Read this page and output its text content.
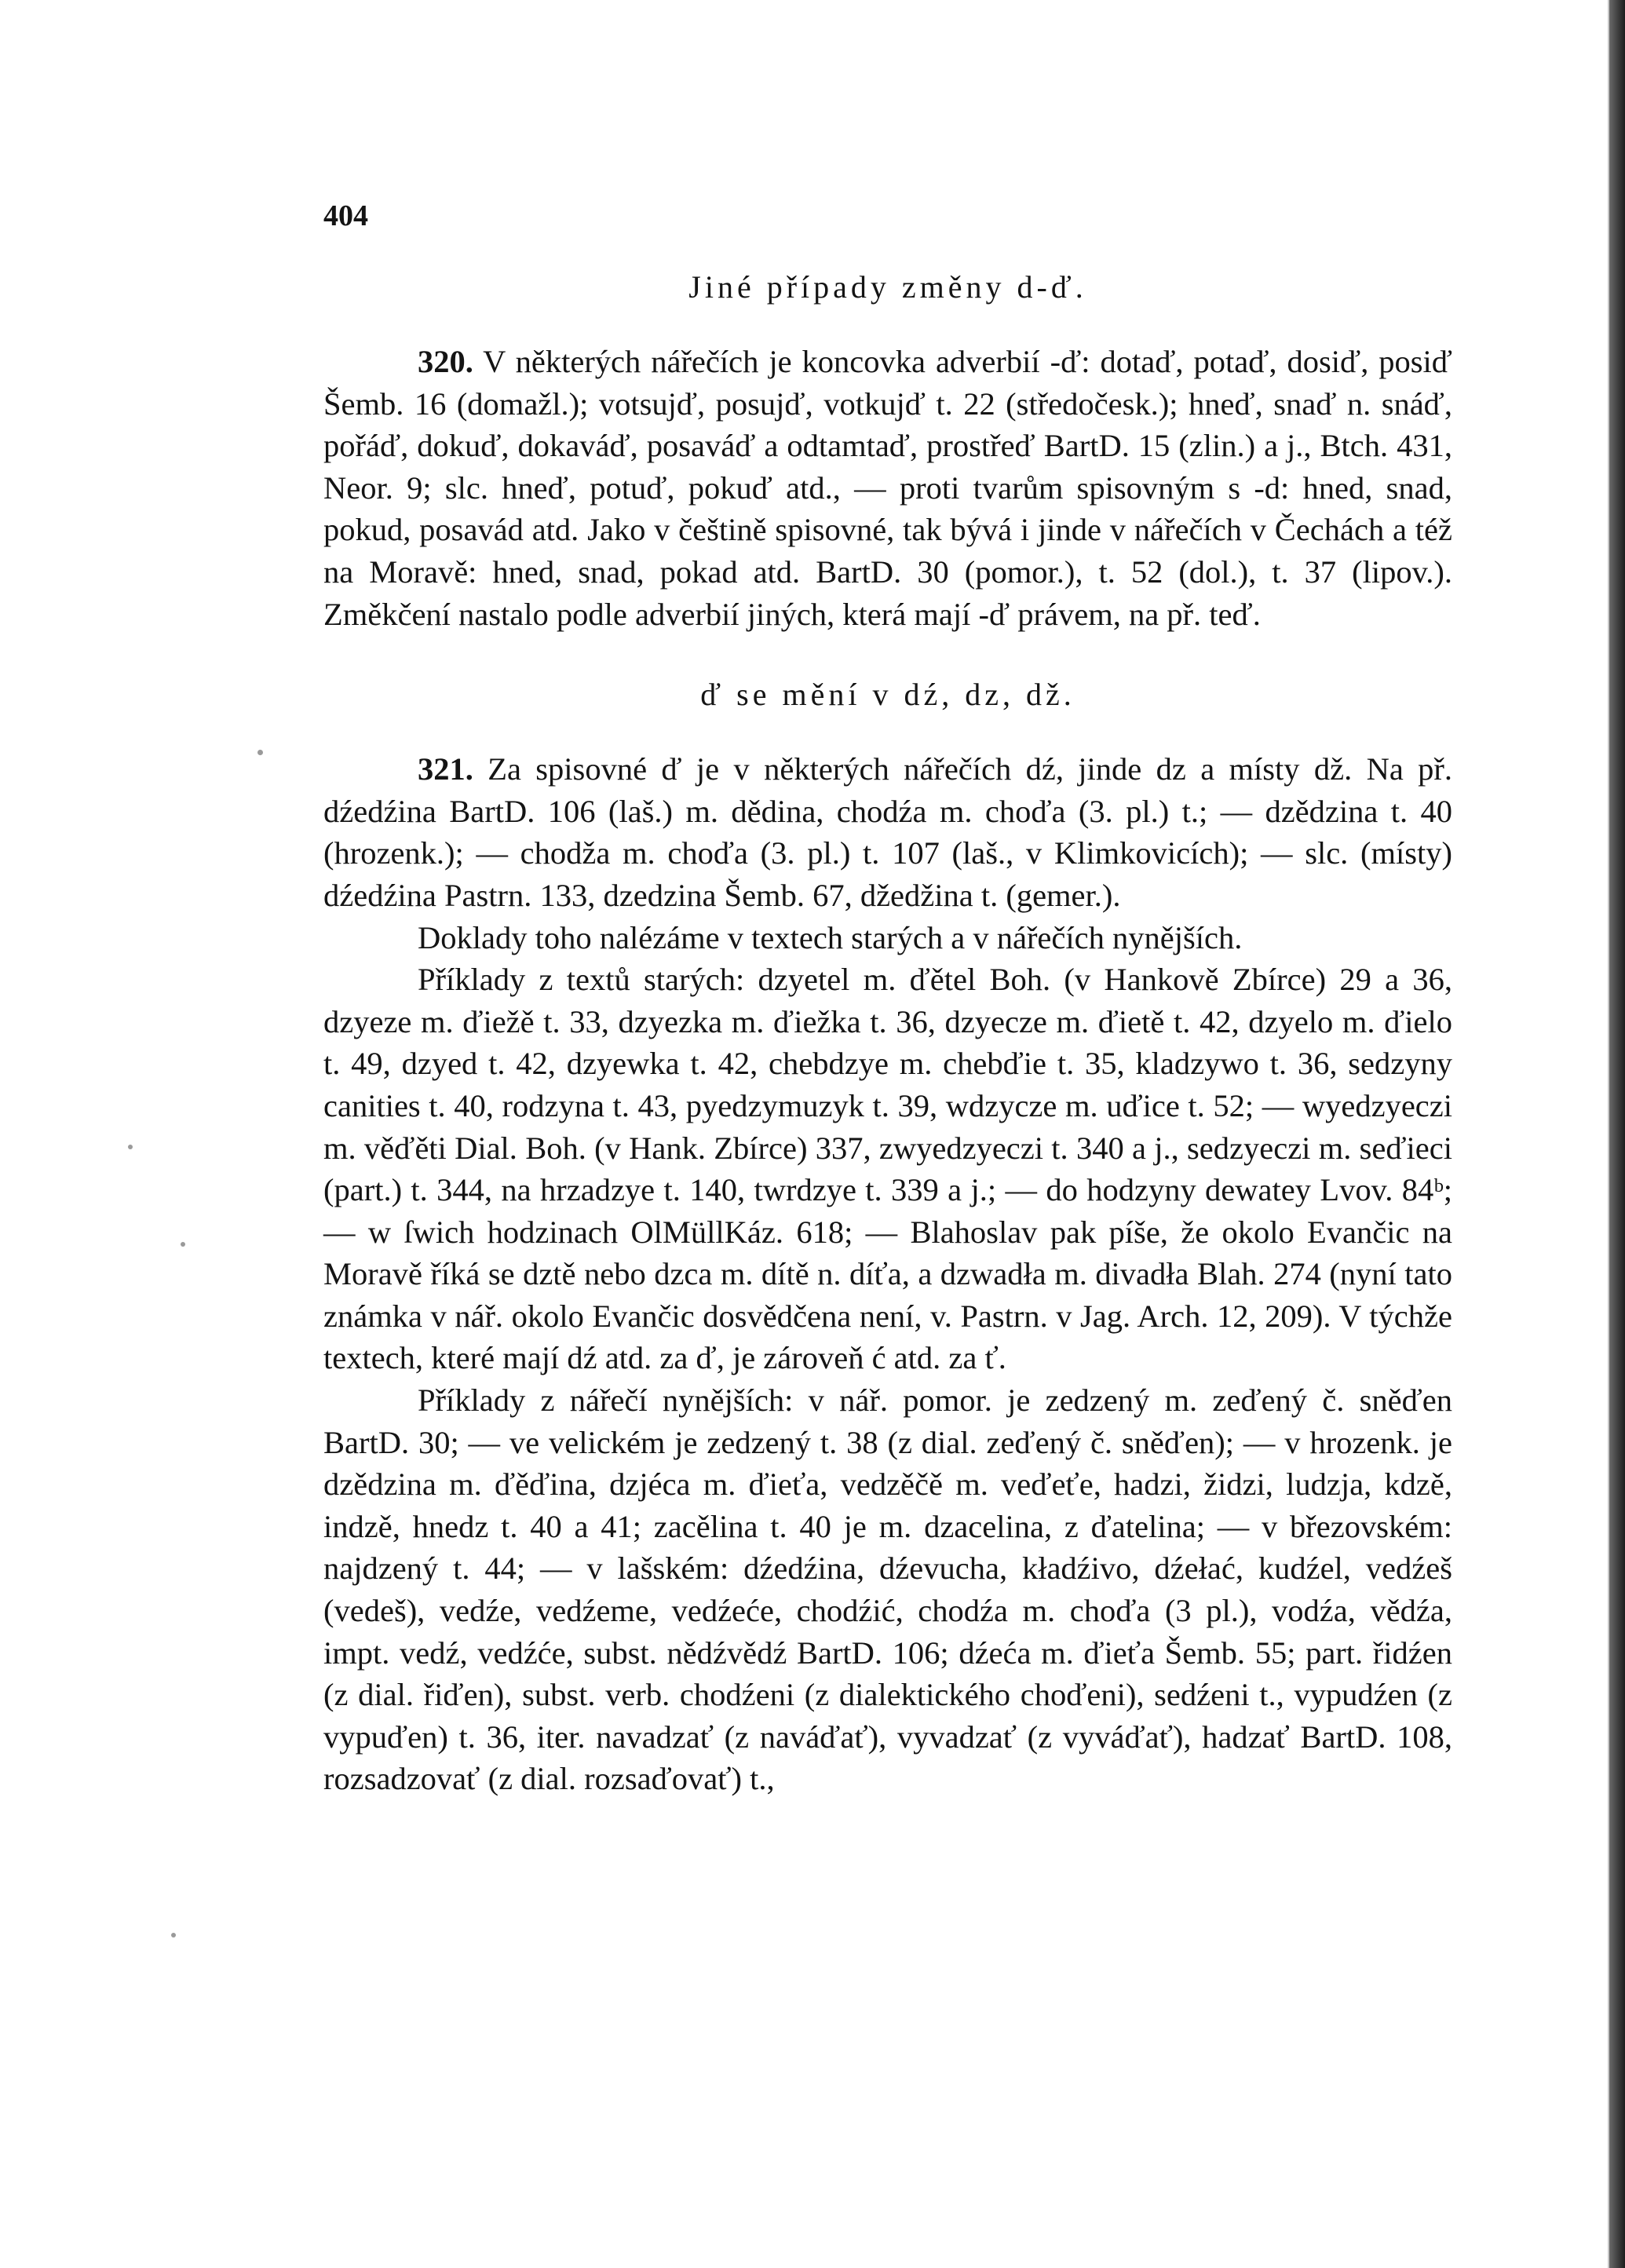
404
Jiné případy změny d-ď.

320. V některých nářečích je koncovka adverbií -ď: dotaď, potaď, dosiď, posiď Šemb. 16 (domažl.); votsujď, posujď, votkujď t. 22 (středočesk.); hneď, snaď n. snáď, pořáď, dokuď, dokaváď, posaváď a odtamtaď, prostřeď BartD. 15 (zlin.) a j., Btch. 431, Neor. 9; slc. hneď, potuď, pokuď atd., — proti tvarům spisovným s -d: hned, snad, pokud, posavád atd. Jako v češtině spisovné, tak bývá i jinde v nářečích v Čechách a též na Moravě: hned, snad, pokad atd. BartD. 30 (pomor.), t. 52 (dol.), t. 37 (lipov.). Změkčení nastalo podle adverbií jiných, která mají -ď právem, na př. teď.

ď se mění v dź, dz, dž.

321. Za spisovné ď je v některých nářečích dź, jinde dz a místy dž. Na př. dźedźina BartD. 106 (laš.) m. dědina, chodźa m. choďa (3. pl.) t.; — dzědzina t. 40 (hrozenk.); — chodža m. choďa (3. pl.) t. 107 (laš., v Klimkovicích); — slc. (místy) dźedźina Pastrn. 133, dzedzina Šemb. 67, džedžina t. (gemer.).

Doklady toho nalézáme v textech starých a v nářečích nynějších.

Příklady z textů starých: dzyetel m. ďětel Boh. (v Hankově Zbírce) 29 a 36, dzyeze m. ďiežě t. 33, dzyezka m. ďiežka t. 36, dzyecze m. ďietě t. 42, dzyelo m. ďielo t. 49, dzyed t. 42, dzyewka t. 42, chebdzye m. chebďie t. 35, kladzywo t. 36, sedzyny canities t. 40, rodzyna t. 43, pyedzymuzyk t. 39, wdzycze m. uďice t. 52; — wyedzyeczi m. věďěti Dial. Boh. (v Hank. Zbírce) 337, zwyedzyeczi t. 340 a j., sedzyeczi m. seďieci (part.) t. 344, na hrzadzye t. 140, twrdzye t. 339 a j.; — do hodzyny dewatey Lvov. 84ᵇ; — w ſwich hodzinach OlMüllKáz. 618; — Blahoslav pak píše, že okolo Evančic na Moravě říká se dztě nebo dzca m. dítě n. díťa, a dzwadła m. divadła Blah. 274 (nyní tato známka v nář. okolo Evančic dosvědčena není, v. Pastrn. v Jag. Arch. 12, 209). V týchže textech, které mají dź atd. za ď, je zároveň ć atd. za ť.

Příklady z nářečí nynějších: v nář. pomor. je zedzený m. zeďený č. sněďen BartD. 30; — ve velickém je zedzený t. 38 (z dial. zeďený č. sněďen); — v hrozenk. je dzědzina m. ďěďina, dzjéca m. ďieťa, vedzěčě m. veďeťe, hadzi, židzi, ludzja, kdzě, indzě, hnedz t. 40 a 41; zacělina t. 40 je m. dzacelina, z ďatelina; — v březovském: najdzený t. 44; — v lašském: dźedźina, dźevucha, kładźivo, dźełać, kudźel, vedźeš (vedeš), vedźe, vedźeme, vedźeće, chodźić, chodźa m. choďa (3 pl.), vodźa, vědźa, impt. vedź, vedźće, subst. nědźvědź BartD. 106; dźeća m. ďieťa Šemb. 55; part. řidźen (z dial. řiďen), subst. verb. chodźeni (z dialektického choďeni), sedźeni t., vypudźen (z vypuďen) t. 36, iter. navadzať (z naváďať), vyvadzať (z vyváďať), hadzať BartD. 108, rozsadzovať (z dial. rozsaďovať) t.,
